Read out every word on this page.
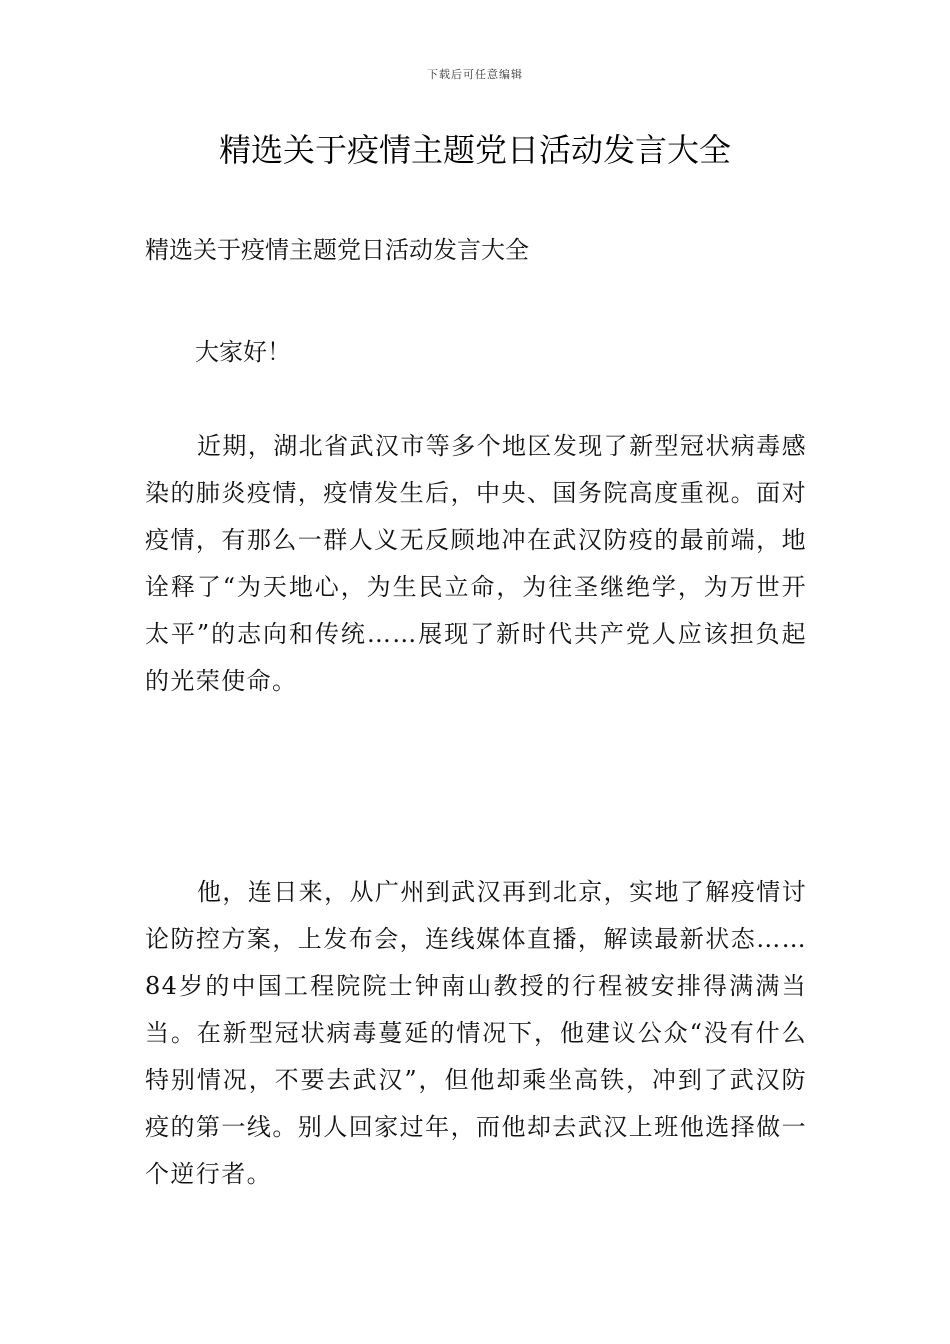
下载后可任意编辑
精选关于疫情主题党日活动发言大全

精选关于疫情主题党日活动发言大全

大家好！

近期，湖北省武汉市等多个地区发现了新型冠状病毒感染的肺炎疫情，疫情发生后，中央、国务院高度重视。面对疫情，有那么一群人义无反顾地冲在武汉防疫的最前端，地诠释了“为天地心，为生民立命，为往圣继绝学，为万世开太平”的志向和传统……展现了新时代共产党人应该担负起的光荣使命。

他，连日来，从广州到武汉再到北京，实地了解疫情讨论防控方案，上发布会，连线媒体直播，解读最新状态……84岁的中国工程院院士钟南山教授的行程被安排得满满当当。在新型冠状病毒蔓延的情况下，他建议公众“没有什么特别情况，不要去武汉”，但他却乘坐高铁，冲到了武汉防疫的第一线。别人回家过年，而他却去武汉上班他选择做一个逆行者。
